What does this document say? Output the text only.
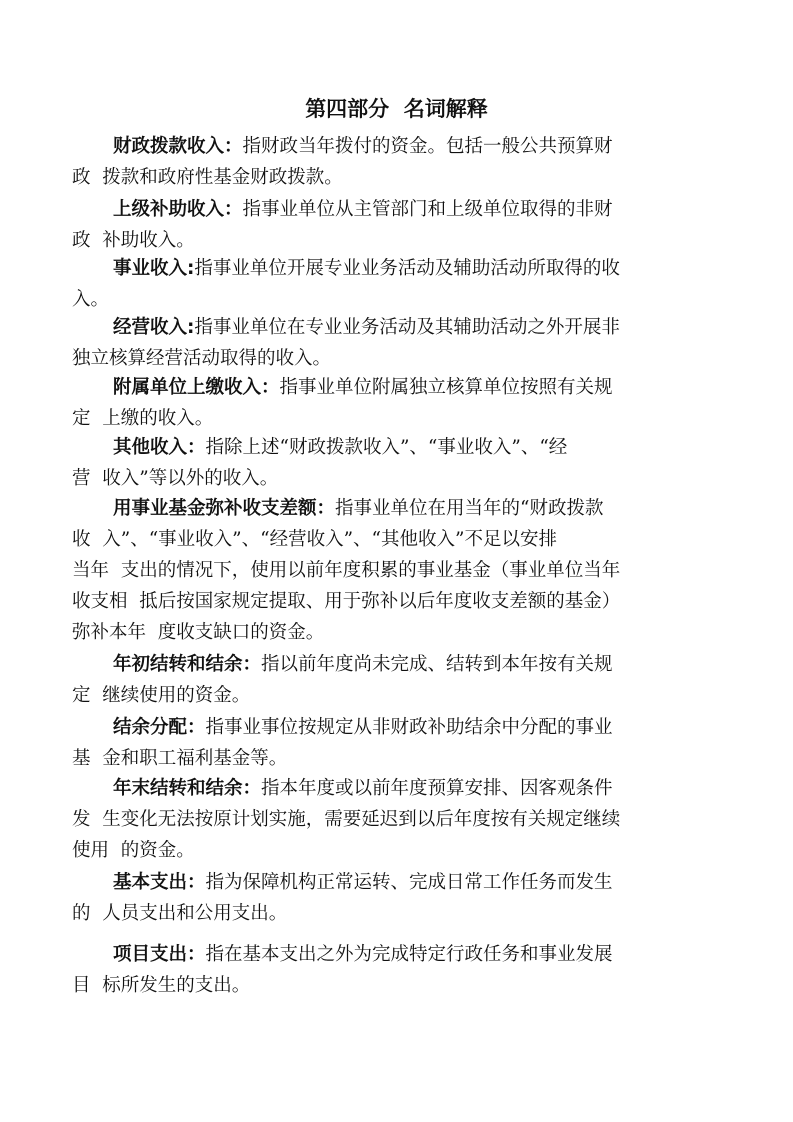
第四部分  名词解释
财政拨款收入：指财政当年拨付的资金。包括一般公共预算财
政  拨款和政府性基金财政拨款。
上级补助收入：指事业单位从主管部门和上级单位取得的非财
政  补助收入。
事业收入:指事业单位开展专业业务活动及辅助活动所取得的收
入。
经营收入:指事业单位在专业业务活动及其辅助活动之外开展非
独立核算经营活动取得的收入。
附属单位上缴收入：指事业单位附属独立核算单位按照有关规
定  上缴的收入。
其他收入：指除上述“财政拨款收入”、“事业收入”、“经
营  收入”等以外的收入。
用事业基金弥补收支差额：指事业单位在用当年的“财政拨款
收  入”、“事业收入”、“经营收入”、“其他收入”不足以安排
当年  支出的情况下，使用以前年度积累的事业基金（事业单位当年
收支相  抵后按国家规定提取、用于弥补以后年度收支差额的基金）
弥补本年  度收支缺口的资金。
年初结转和结余：指以前年度尚未完成、结转到本年按有关规
定  继续使用的资金。
结余分配：指事业事位按规定从非财政补助结余中分配的事业
基  金和职工福利基金等。
年末结转和结余：指本年度或以前年度预算安排、因客观条件
发  生变化无法按原计划实施，需要延迟到以后年度按有关规定继续
使用  的资金。
基本支出：指为保障机构正常运转、完成日常工作任务而发生
的  人员支出和公用支出。
项目支出：指在基本支出之外为完成特定行政任务和事业发展
目  标所发生的支出。
